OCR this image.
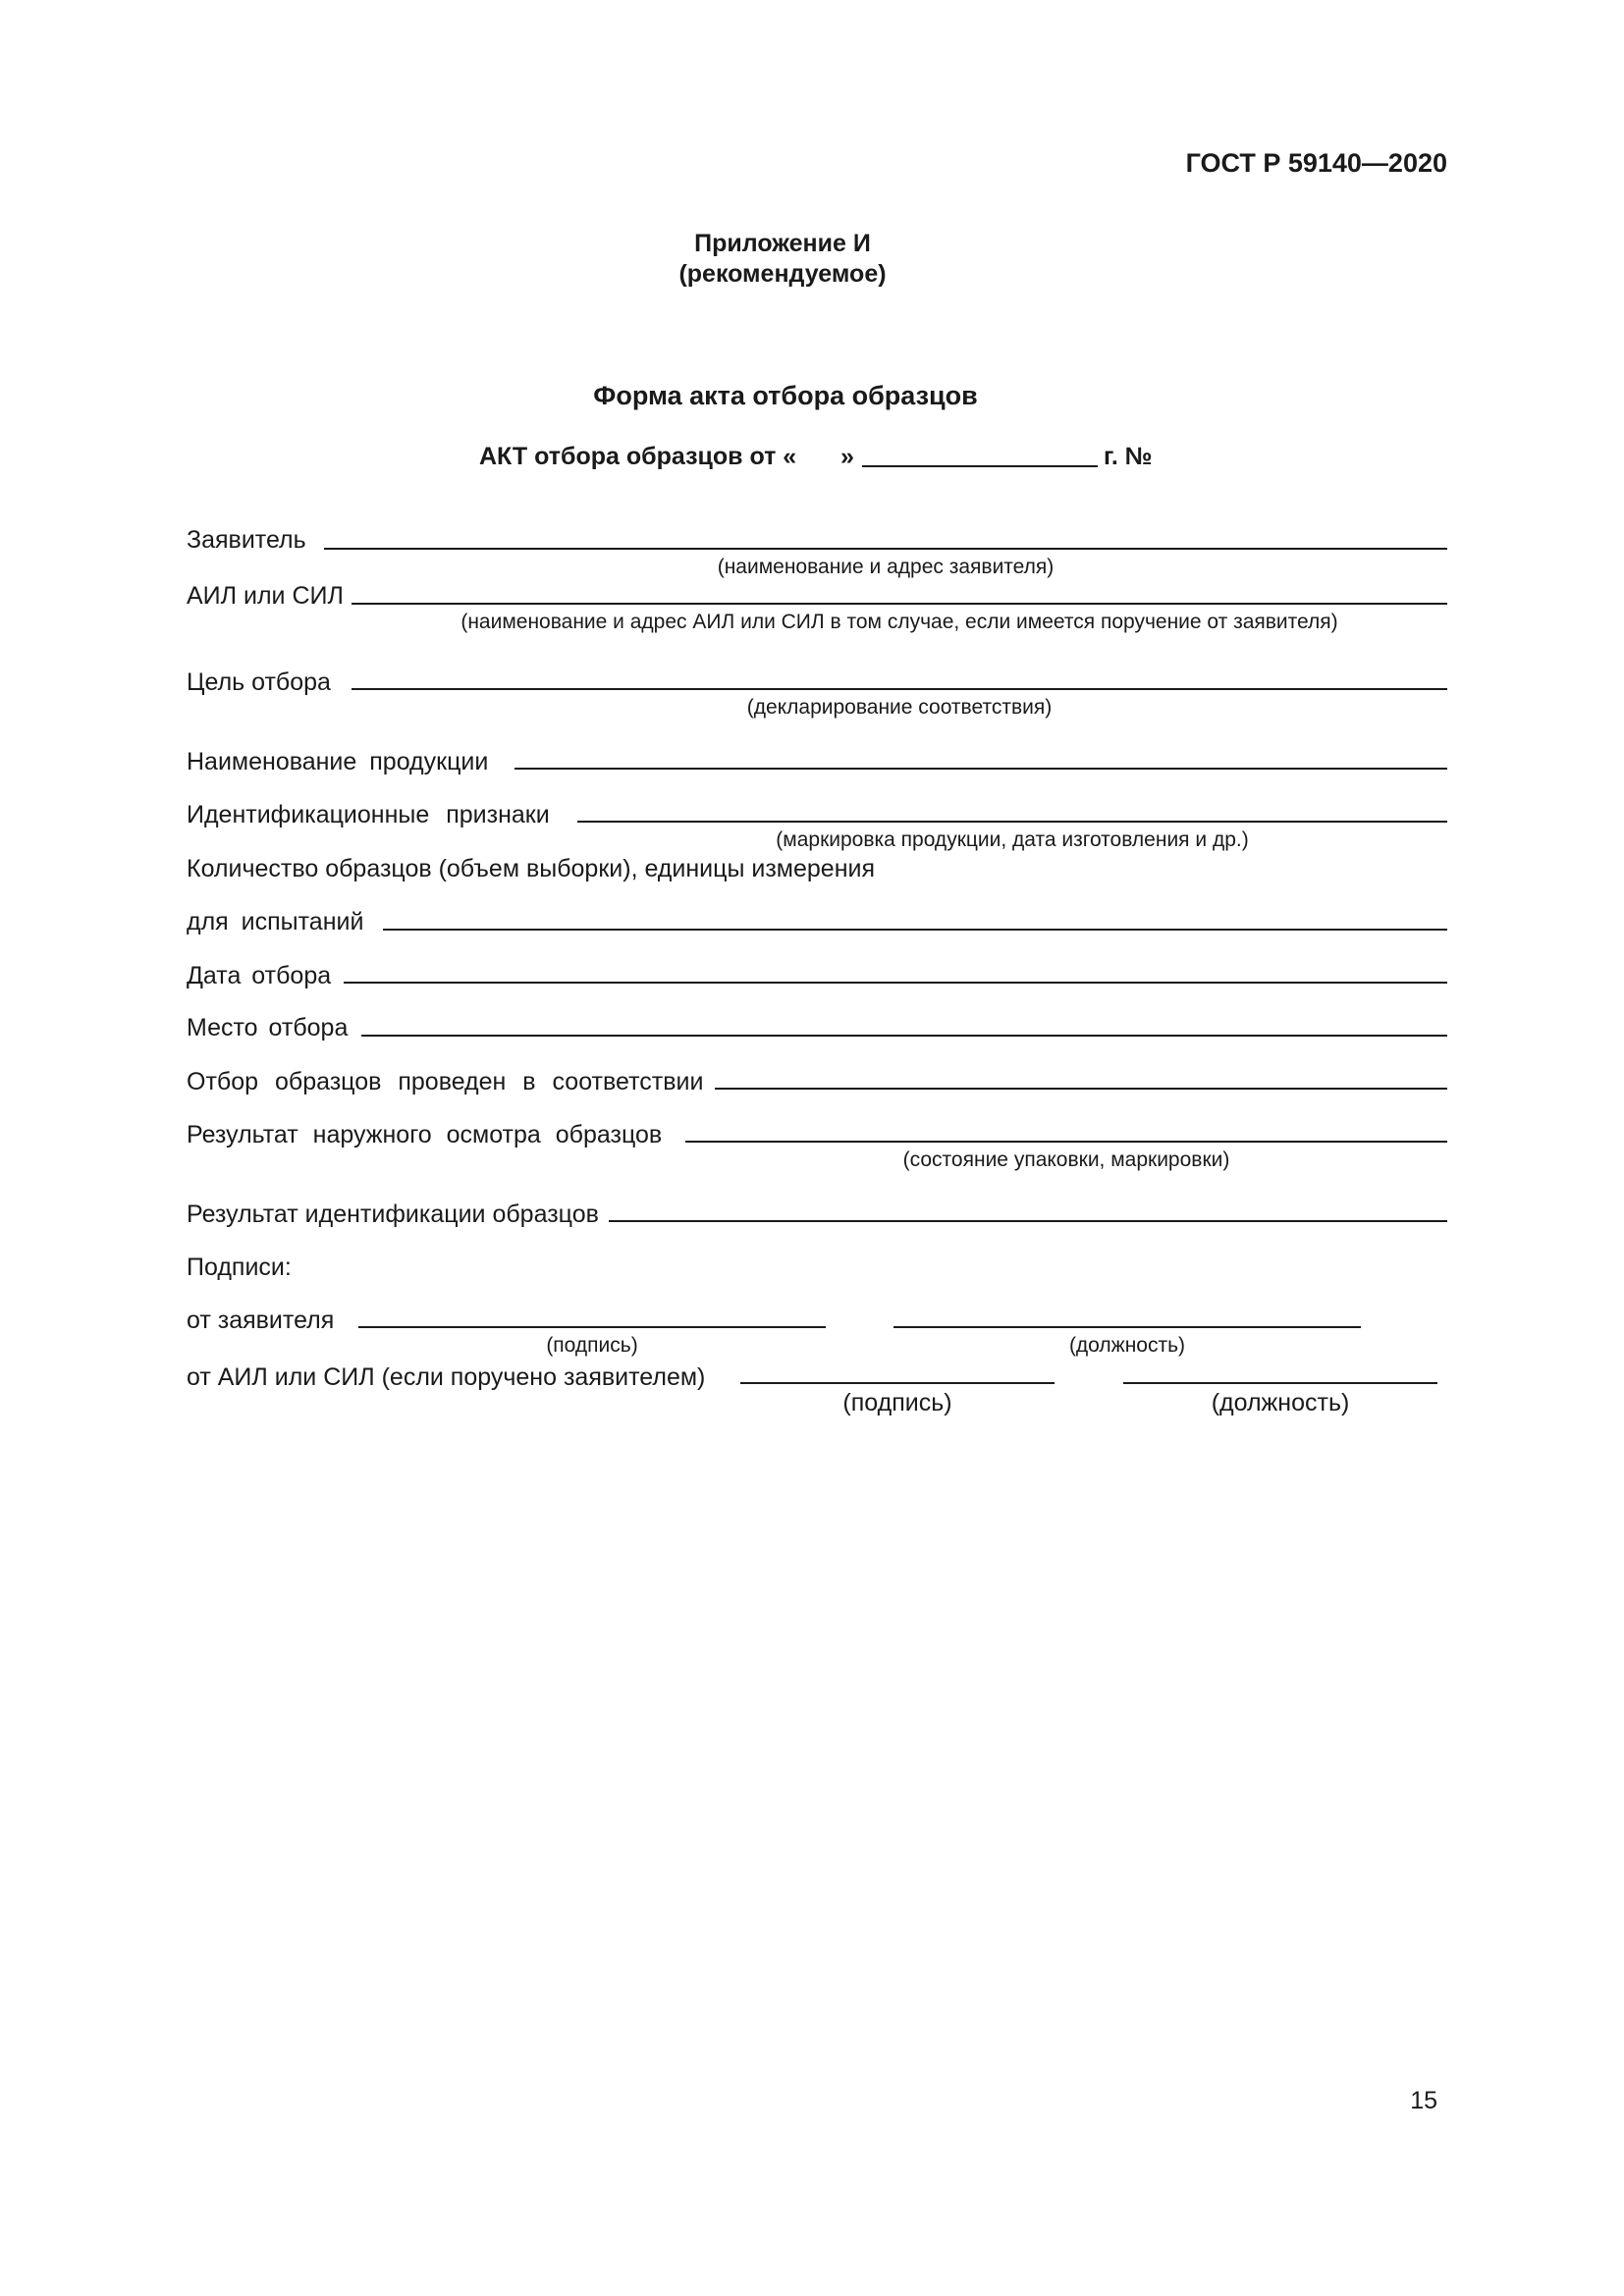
ГОСТ Р 59140—2020
Приложение И
(рекомендуемое)
Форма акта отбора образцов
АКТ отбора образцов от « »	г. №
Заявитель
(наименование и адрес заявителя)
АИЛ или СИЛ
(наименование и адрес АИЛ или СИЛ в том случае, если имеется поручение от заявителя)
Цель отбора
(декларирование соответствия)
Наименование продукции
Идентификационные признаки
(маркировка продукции, дата изготовления и др.)
Количество образцов (объем выборки), единицы измерения
для испытаний
Дата отбора
Место отбора
Отбор образцов проведен в соответствии
Результат наружного осмотра образцов
(состояние упаковки, маркировки)
Результат идентификации образцов
Подписи:
от заявителя
(подпись)	(должность)
от АИЛ или СИЛ (если поручено заявителем)
(подпись)	(должность)
15
